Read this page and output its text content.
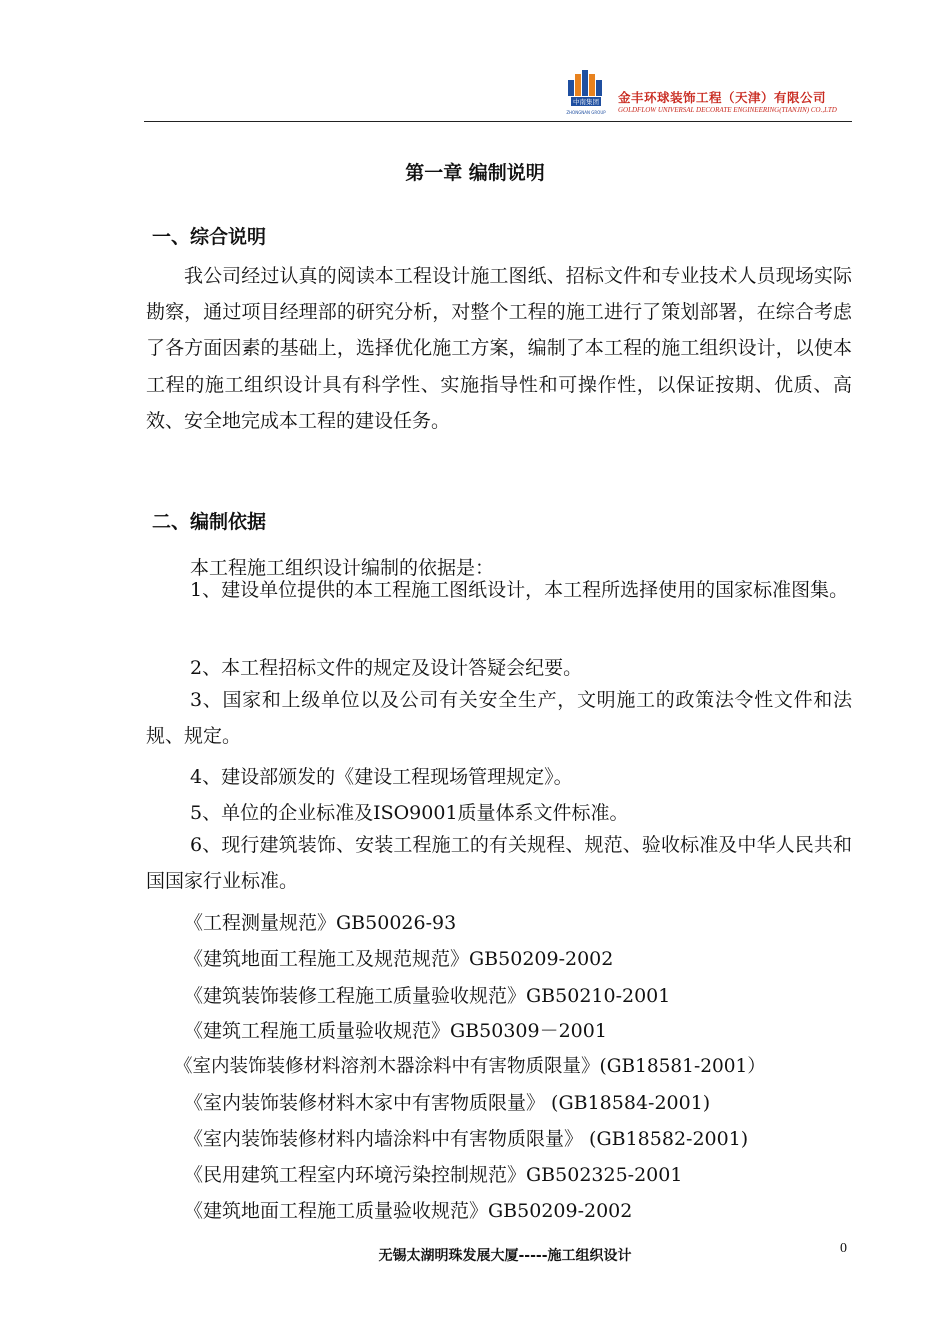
中南集团
ZHONGNAN GROUP
金丰环球装饰工程（天津）有限公司
GOLDFLOW UNIVERSAL DECORATE ENGINEERING(TIANJIN) CO.,LTD
第一章 编制说明
一、综合说明

我公司经过认真的阅读本工程设计施工图纸、招标文件和专业技术人员现场实际勘察，通过项目经理部的研究分析，对整个工程的施工进行了策划部署，在综合考虑了各方面因素的基础上，选择优化施工方案，编制了本工程的施工组织设计，以使本工程的施工组织设计具有科学性、实施指导性和可操作性，以保证按期、优质、高效、安全地完成本工程的建设任务。

二、编制依据
本工程施工组织设计编制的依据是：

1、建设单位提供的本工程施工图纸设计，本工程所选择使用的国家标准图集。

2、本工程招标文件的规定及设计答疑会纪要。

3、国家和上级单位以及公司有关安全生产，文明施工的政策法令性文件和法规、规定。

4、建设部颁发的《建设工程现场管理规定》。
5、单位的企业标准及ISO9001质量体系文件标准。

6、现行建筑装饰、安装工程施工的有关规程、规范、验收标准及中华人民共和国国家行业标准。

《工程测量规范》GB50026-93
《建筑地面工程施工及规范规范》GB50209-2002
《建筑装饰装修工程施工质量验收规范》GB50210-2001
《建筑工程施工质量验收规范》GB50309－2001
《室内装饰装修材料溶剂木器涂料中有害物质限量》(GB18581-2001）
《室内装饰装修材料木家中有害物质限量》 (GB18584-2001)
《室内装饰装修材料内墙涂料中有害物质限量》 (GB18582-2001)
《民用建筑工程室内环境污染控制规范》GB502325-2001
《建筑地面工程施工质量验收规范》GB50209-2002
无锡太湖明珠发展大厦-----施工组织设计	0
